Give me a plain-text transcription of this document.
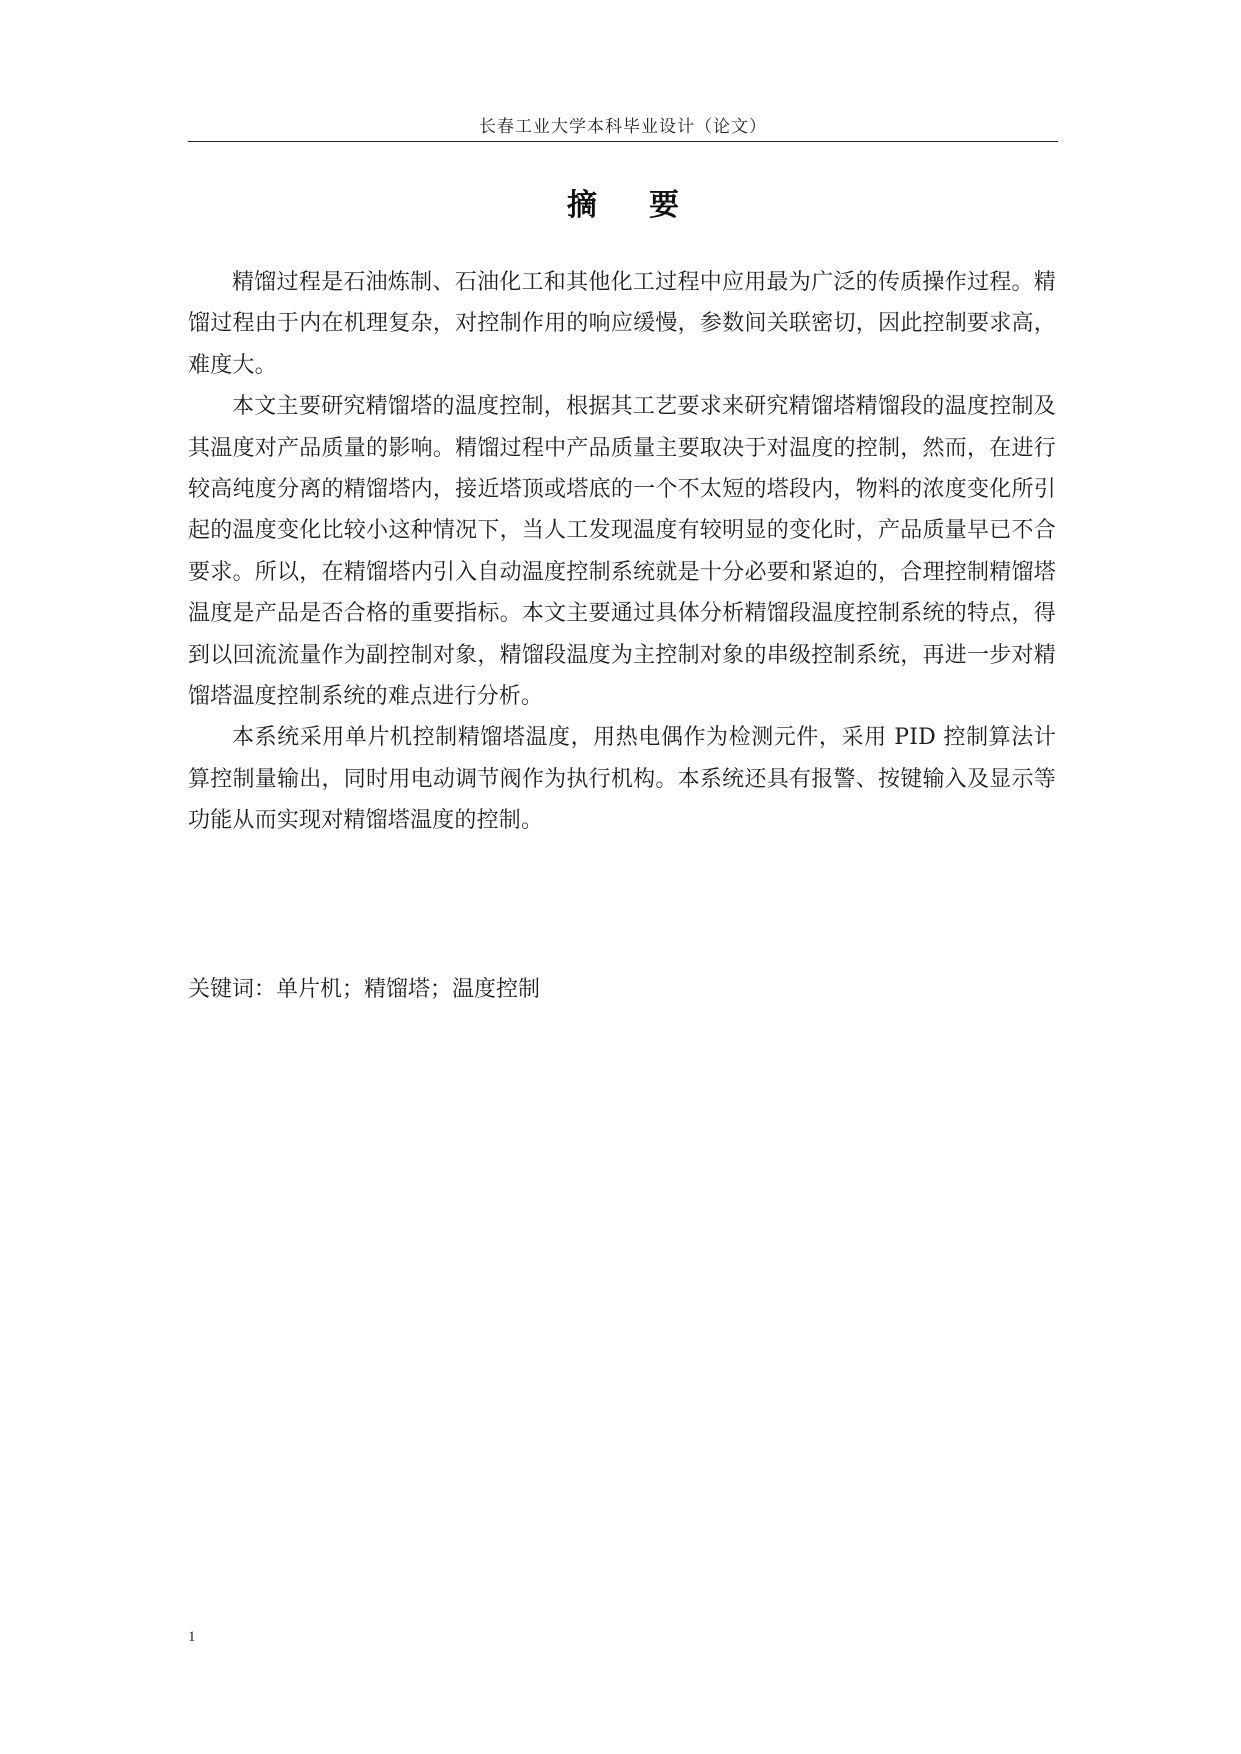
长春工业大学本科毕业设计（论文）
摘要

精馏过程是石油炼制、石油化工和其他化工过程中应用最为广泛的传质操作过程。精馏过程由于内在机理复杂，对控制作用的响应缓慢，参数间关联密切，因此控制要求高，难度大。

本文主要研究精馏塔的温度控制，根据其工艺要求来研究精馏塔精馏段的温度控制及其温度对产品质量的影响。精馏过程中产品质量主要取决于对温度的控制，然而，在进行较高纯度分离的精馏塔内，接近塔顶或塔底的一个不太短的塔段内，物料的浓度变化所引起的温度变化比较小这种情况下，当人工发现温度有较明显的变化时，产品质量早已不合要求。所以，在精馏塔内引入自动温度控制系统就是十分必要和紧迫的，合理控制精馏塔温度是产品是否合格的重要指标。本文主要通过具体分析精馏段温度控制系统的特点，得到以回流流量作为副控制对象，精馏段温度为主控制对象的串级控制系统，再进一步对精馏塔温度控制系统的难点进行分析。

本系统采用单片机控制精馏塔温度，用热电偶作为检测元件，采用 PID 控制算法计算控制量输出，同时用电动调节阀作为执行机构。本系统还具有报警、按键输入及显示等功能从而实现对精馏塔温度的控制。

关键词：单片机；精馏塔；温度控制
1
